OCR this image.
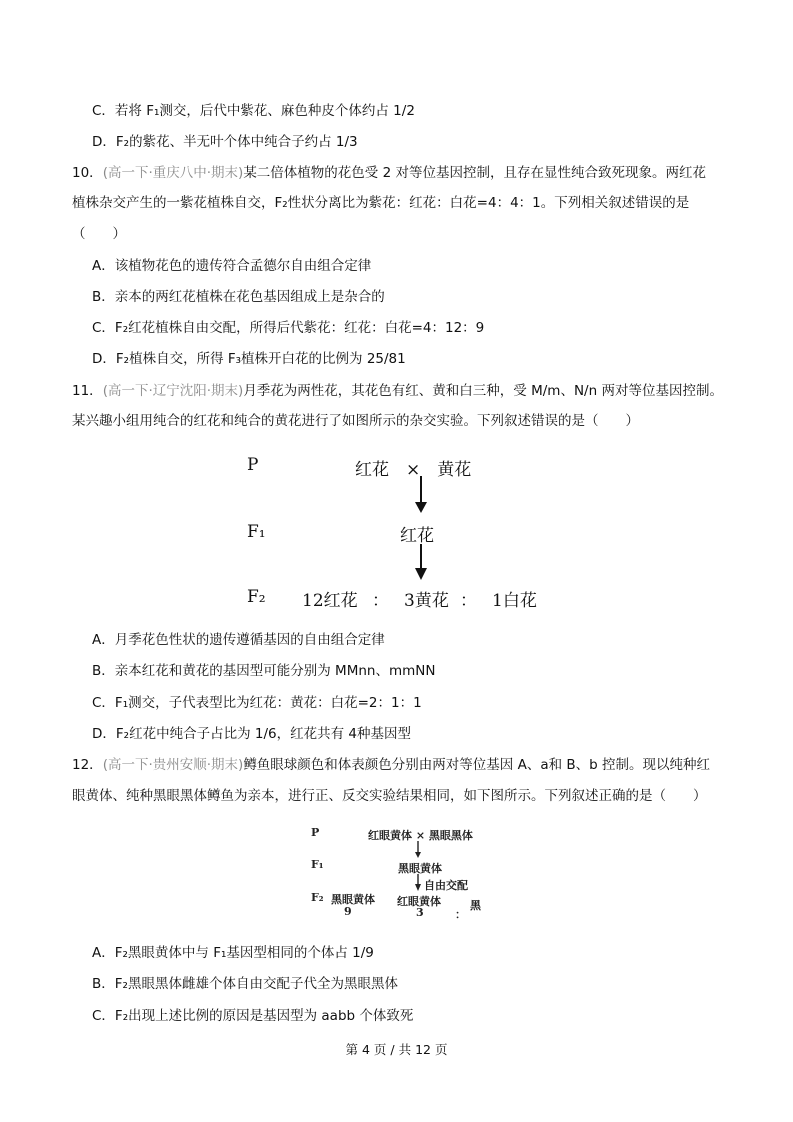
C．若将 F₁测交，后代中紫花、麻色种皮个体约占 1/2
D．F₂的紫花、半无叶个体中纯合子约占 1/3
10．(高一下·重庆八中·期末)某二倍体植物的花色受 2 对等位基因控制，且存在显性纯合致死现象。两红花
植株杂交产生的一紫花植株自交，F₂性状分离比为紫花：红花：白花=4：4：1。下列相关叙述错误的是
（　　）
A．该植物花色的遗传符合孟德尔自由组合定律
B．亲本的两红花植株在花色基因组成上是杂合的
C．F₂红花植株自由交配，所得后代紫花：红花：白花=4：12：9
D．F₂植株自交，所得 F₃植株开白花的比例为 25/81
11．(高一下·辽宁沈阳·期末)月季花为两性花，其花色有红、黄和白三种，受 M/m、N/n 两对等位基因控制。
某兴趣小组用纯合的红花和纯合的黄花进行了如图所示的杂交实验。下列叙述错误的是（　　）
P	红花　×　黄花
F₁	红花
F₂ 12红花 ： 3黄花 ： 1白花
A．月季花色性状的遗传遵循基因的自由组合定律
B．亲本红花和黄花的基因型可能分别为 MMnn、mmNN
C．F₁测交，子代表型比为红花：黄花：白花=2：1：1
D．F₂红花中纯合子占比为 1/6，红花共有 4种基因型
12．(高一下·贵州安顺·期末)鳟鱼眼球颜色和体表颜色分别由两对等位基因 A、a和 B、b 控制。现以纯种红
眼黄体、纯种黑眼黑体鳟鱼为亲本，进行正、反交实验结果相同，如下图所示。下列叙述正确的是（　　）
P	红眼黄体 × 黑眼黑体
F₁	黑眼黄体
自由交配
F₂ 黑眼黄体
9
红眼黄体
3	：
黑
A．F₂黑眼黄体中与 F₁基因型相同的个体占 1/9
B．F₂黑眼黑体雌雄个体自由交配子代全为黑眼黑体
C．F₂出现上述比例的原因是基因型为 aabb 个体致死
第 4 页 / 共 12 页
